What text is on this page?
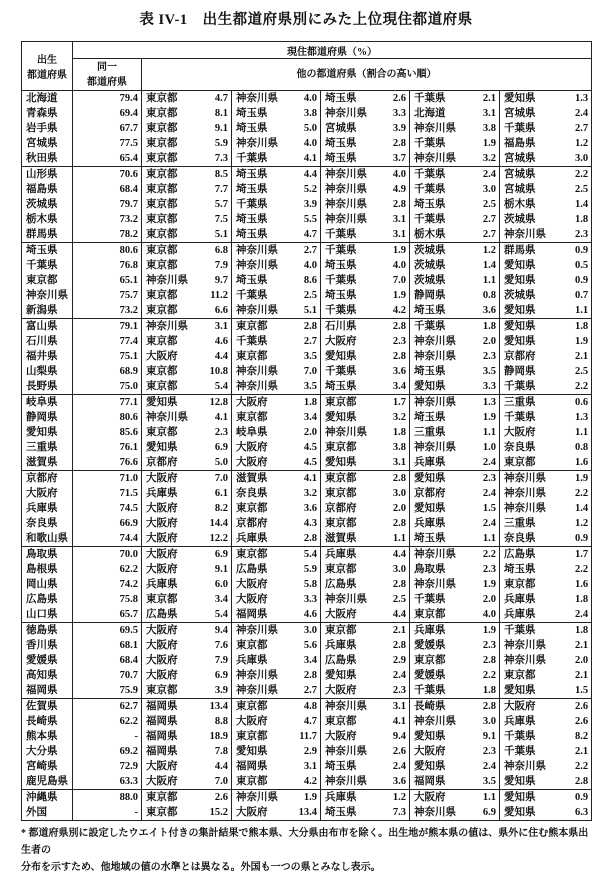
表 IV-1　出生都道府県別にみた上位現住都道府県
出生
都道府県	現住都道府県（%）										

	同一
都道府県	他の都道府県（割合の高い順）									
北海道	79.4	東京都	4.7	神奈川県	4.0	埼玉県	2.6	千葉県	2.1	愛知県	1.3
青森県	69.4	東京都	8.1	埼玉県	3.8	神奈川県	3.3	北海道	3.1	宮城県	2.4
岩手県	67.7	東京都	9.1	埼玉県	5.0	宮城県	3.9	神奈川県	3.8	千葉県	2.7
宮城県	77.5	東京都	5.9	神奈川県	4.0	埼玉県	2.8	千葉県	1.9	福島県	1.2
秋田県	65.4	東京都	7.3	千葉県	4.1	埼玉県	3.7	神奈川県	3.2	宮城県	3.0
山形県	70.6	東京都	8.5	埼玉県	4.4	神奈川県	4.0	千葉県	2.4	宮城県	2.2
福島県	68.4	東京都	7.7	埼玉県	5.2	神奈川県	4.9	千葉県	3.0	宮城県	2.5
茨城県	79.7	東京都	5.7	千葉県	3.9	神奈川県	2.8	埼玉県	2.5	栃木県	1.4
栃木県	73.2	東京都	7.5	埼玉県	5.5	神奈川県	3.1	千葉県	2.7	茨城県	1.8
群馬県	78.2	東京都	5.1	埼玉県	4.7	千葉県	3.1	栃木県	2.7	神奈川県	2.3
埼玉県	80.6	東京都	6.8	神奈川県	2.7	千葉県	1.9	茨城県	1.2	群馬県	0.9
千葉県	76.8	東京都	7.9	神奈川県	4.0	埼玉県	4.0	茨城県	1.4	愛知県	0.5
東京都	65.1	神奈川県	9.7	埼玉県	8.6	千葉県	7.0	茨城県	1.1	愛知県	0.9
神奈川県	75.7	東京都	11.2	千葉県	2.5	埼玉県	1.9	静岡県	0.8	茨城県	0.7
新潟県	73.2	東京都	6.6	神奈川県	5.1	千葉県	4.2	埼玉県	3.6	愛知県	1.1
富山県	79.1	神奈川県	3.1	東京都	2.8	石川県	2.8	千葉県	1.8	愛知県	1.8
石川県	77.4	東京都	4.6	千葉県	2.7	大阪府	2.3	神奈川県	2.0	愛知県	1.9
福井県	75.1	大阪府	4.4	東京都	3.5	愛知県	2.8	神奈川県	2.3	京都府	2.1
山梨県	68.9	東京都	10.8	神奈川県	7.0	千葉県	3.6	埼玉県	3.5	静岡県	2.5
長野県	75.0	東京都	5.4	神奈川県	3.5	埼玉県	3.4	愛知県	3.3	千葉県	2.2
岐阜県	77.1	愛知県	12.8	大阪府	1.8	東京都	1.7	神奈川県	1.3	三重県	0.6
静岡県	80.6	神奈川県	4.1	東京都	3.4	愛知県	3.2	埼玉県	1.9	千葉県	1.3
愛知県	85.6	東京都	2.3	岐阜県	2.0	神奈川県	1.8	三重県	1.1	大阪府	1.1
三重県	76.1	愛知県	6.9	大阪府	4.5	東京都	3.8	神奈川県	1.0	奈良県	0.8
滋賀県	76.6	京都府	5.0	大阪府	4.5	愛知県	3.1	兵庫県	2.4	東京都	1.6
京都府	71.0	大阪府	7.0	滋賀県	4.1	東京都	2.8	愛知県	2.3	神奈川県	1.9
大阪府	71.5	兵庫県	6.1	奈良県	3.2	東京都	3.0	京都府	2.4	神奈川県	2.2
兵庫県	74.5	大阪府	8.2	東京都	3.6	京都府	2.0	愛知県	1.5	神奈川県	1.4
奈良県	66.9	大阪府	14.4	京都府	4.3	東京都	2.8	兵庫県	2.4	三重県	1.2
和歌山県	74.4	大阪府	12.2	兵庫県	2.8	滋賀県	1.1	埼玉県	1.1	奈良県	0.9
鳥取県	70.0	大阪府	6.9	東京都	5.4	兵庫県	4.4	神奈川県	2.2	広島県	1.7
島根県	62.2	大阪府	9.1	広島県	5.9	東京都	3.0	鳥取県	2.3	埼玉県	2.2
岡山県	74.2	兵庫県	6.0	大阪府	5.8	広島県	2.8	神奈川県	1.9	東京都	1.6
広島県	75.8	東京都	3.4	大阪府	3.3	神奈川県	2.5	千葉県	2.0	兵庫県	1.8
山口県	65.7	広島県	5.4	福岡県	4.6	大阪府	4.4	東京都	4.0	兵庫県	2.4
徳島県	69.5	大阪府	9.4	神奈川県	3.0	東京都	2.1	兵庫県	1.9	千葉県	1.8
香川県	68.1	大阪府	7.6	東京都	5.6	兵庫県	2.8	愛媛県	2.3	神奈川県	2.1
愛媛県	68.4	大阪府	7.9	兵庫県	3.4	広島県	2.9	東京都	2.8	神奈川県	2.0
高知県	70.7	大阪府	6.9	神奈川県	2.8	愛知県	2.4	愛媛県	2.2	東京都	2.1
福岡県	75.9	東京都	3.9	神奈川県	2.7	大阪府	2.3	千葉県	1.8	愛知県	1.5
佐賀県	62.7	福岡県	13.4	東京都	4.8	神奈川県	3.1	長崎県	2.8	大阪府	2.6
長崎県	62.2	福岡県	8.8	大阪府	4.7	東京都	4.1	神奈川県	3.0	兵庫県	2.6
熊本県	-	福岡県	18.9	東京都	11.7	大阪府	9.4	愛知県	9.1	千葉県	8.2
大分県	69.2	福岡県	7.8	愛知県	2.9	神奈川県	2.6	大阪府	2.3	千葉県	2.1
宮崎県	72.9	大阪府	4.4	福岡県	3.1	埼玉県	2.4	愛知県	2.4	神奈川県	2.2
鹿児島県	63.3	大阪府	7.0	東京都	4.2	神奈川県	3.6	福岡県	3.5	愛知県	2.8
沖縄県	88.0	東京都	2.6	神奈川県	1.9	兵庫県	1.2	大阪府	1.1	愛知県	0.9
外国	-	東京都	15.2	大阪府	13.4	埼玉県	7.3	神奈川県	6.9	愛知県	6.3
* 都道府県別に設定したウエイト付きの集計結果で熊本県、大分県由布市を除く。出生地が熊本県の値は、県外に住む熊本県出生者の
分布を示すため、他地域の値の水準とは異なる。外国も一つの県とみなし表示。
